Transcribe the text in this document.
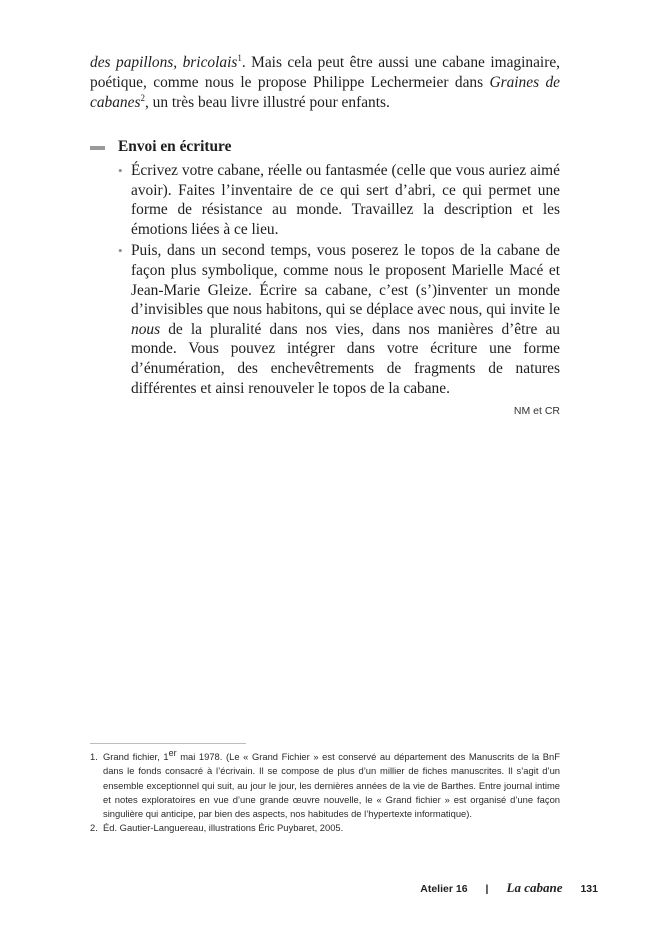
des papillons, bricolais$^1$. Mais cela peut être aussi une cabane imaginaire, poétique, comme nous le propose Philippe Lechermeier dans Graines de cabanes$^2$, un très beau livre illustré pour enfants.

Envoi en écriture
• Écrivez votre cabane, réelle ou fantasmée (celle que vous auriez aimé avoir). Faites l’inventaire de ce qui sert d’abri, ce qui permet une forme de résistance au monde. Travaillez la description et les émotions liées à ce lieu.
• Puis, dans un second temps, vous poserez le topos de la cabane de façon plus symbolique, comme nous le proposent Marielle Macé et Jean-Marie Gleize. Écrire sa cabane, c’est (s’)inventer un monde d’invisibles que nous habitons, qui se déplace avec nous, qui invite le nous de la pluralité dans nos vies, dans nos manières d’être au monde. Vous pouvez intégrer dans votre écriture une forme d’énumération, des enchevêtrements de fragments de natures différentes et ainsi renouveler le topos de la cabane.
NM et CR
1. Grand fichier, 1er mai 1978. (Le « Grand Fichier » est conservé au département des Manuscrits de la BnF dans le fonds consacré à l’écrivain. Il se compose de plus d’un millier de fiches manuscrites. Il s’agit d’un ensemble exceptionnel qui suit, au jour le jour, les dernières années de la vie de Barthes. Entre journal intime et notes exploratoires en vue d’une grande œuvre nouvelle, le « Grand fichier » est organisé d’une façon singulière qui anticipe, par bien des aspects, nos habitudes de l’hypertexte informatique).
2. Éd. Gautier-Languereau, illustrations Éric Puybaret, 2005.
Atelier 16 | La cabane 131
